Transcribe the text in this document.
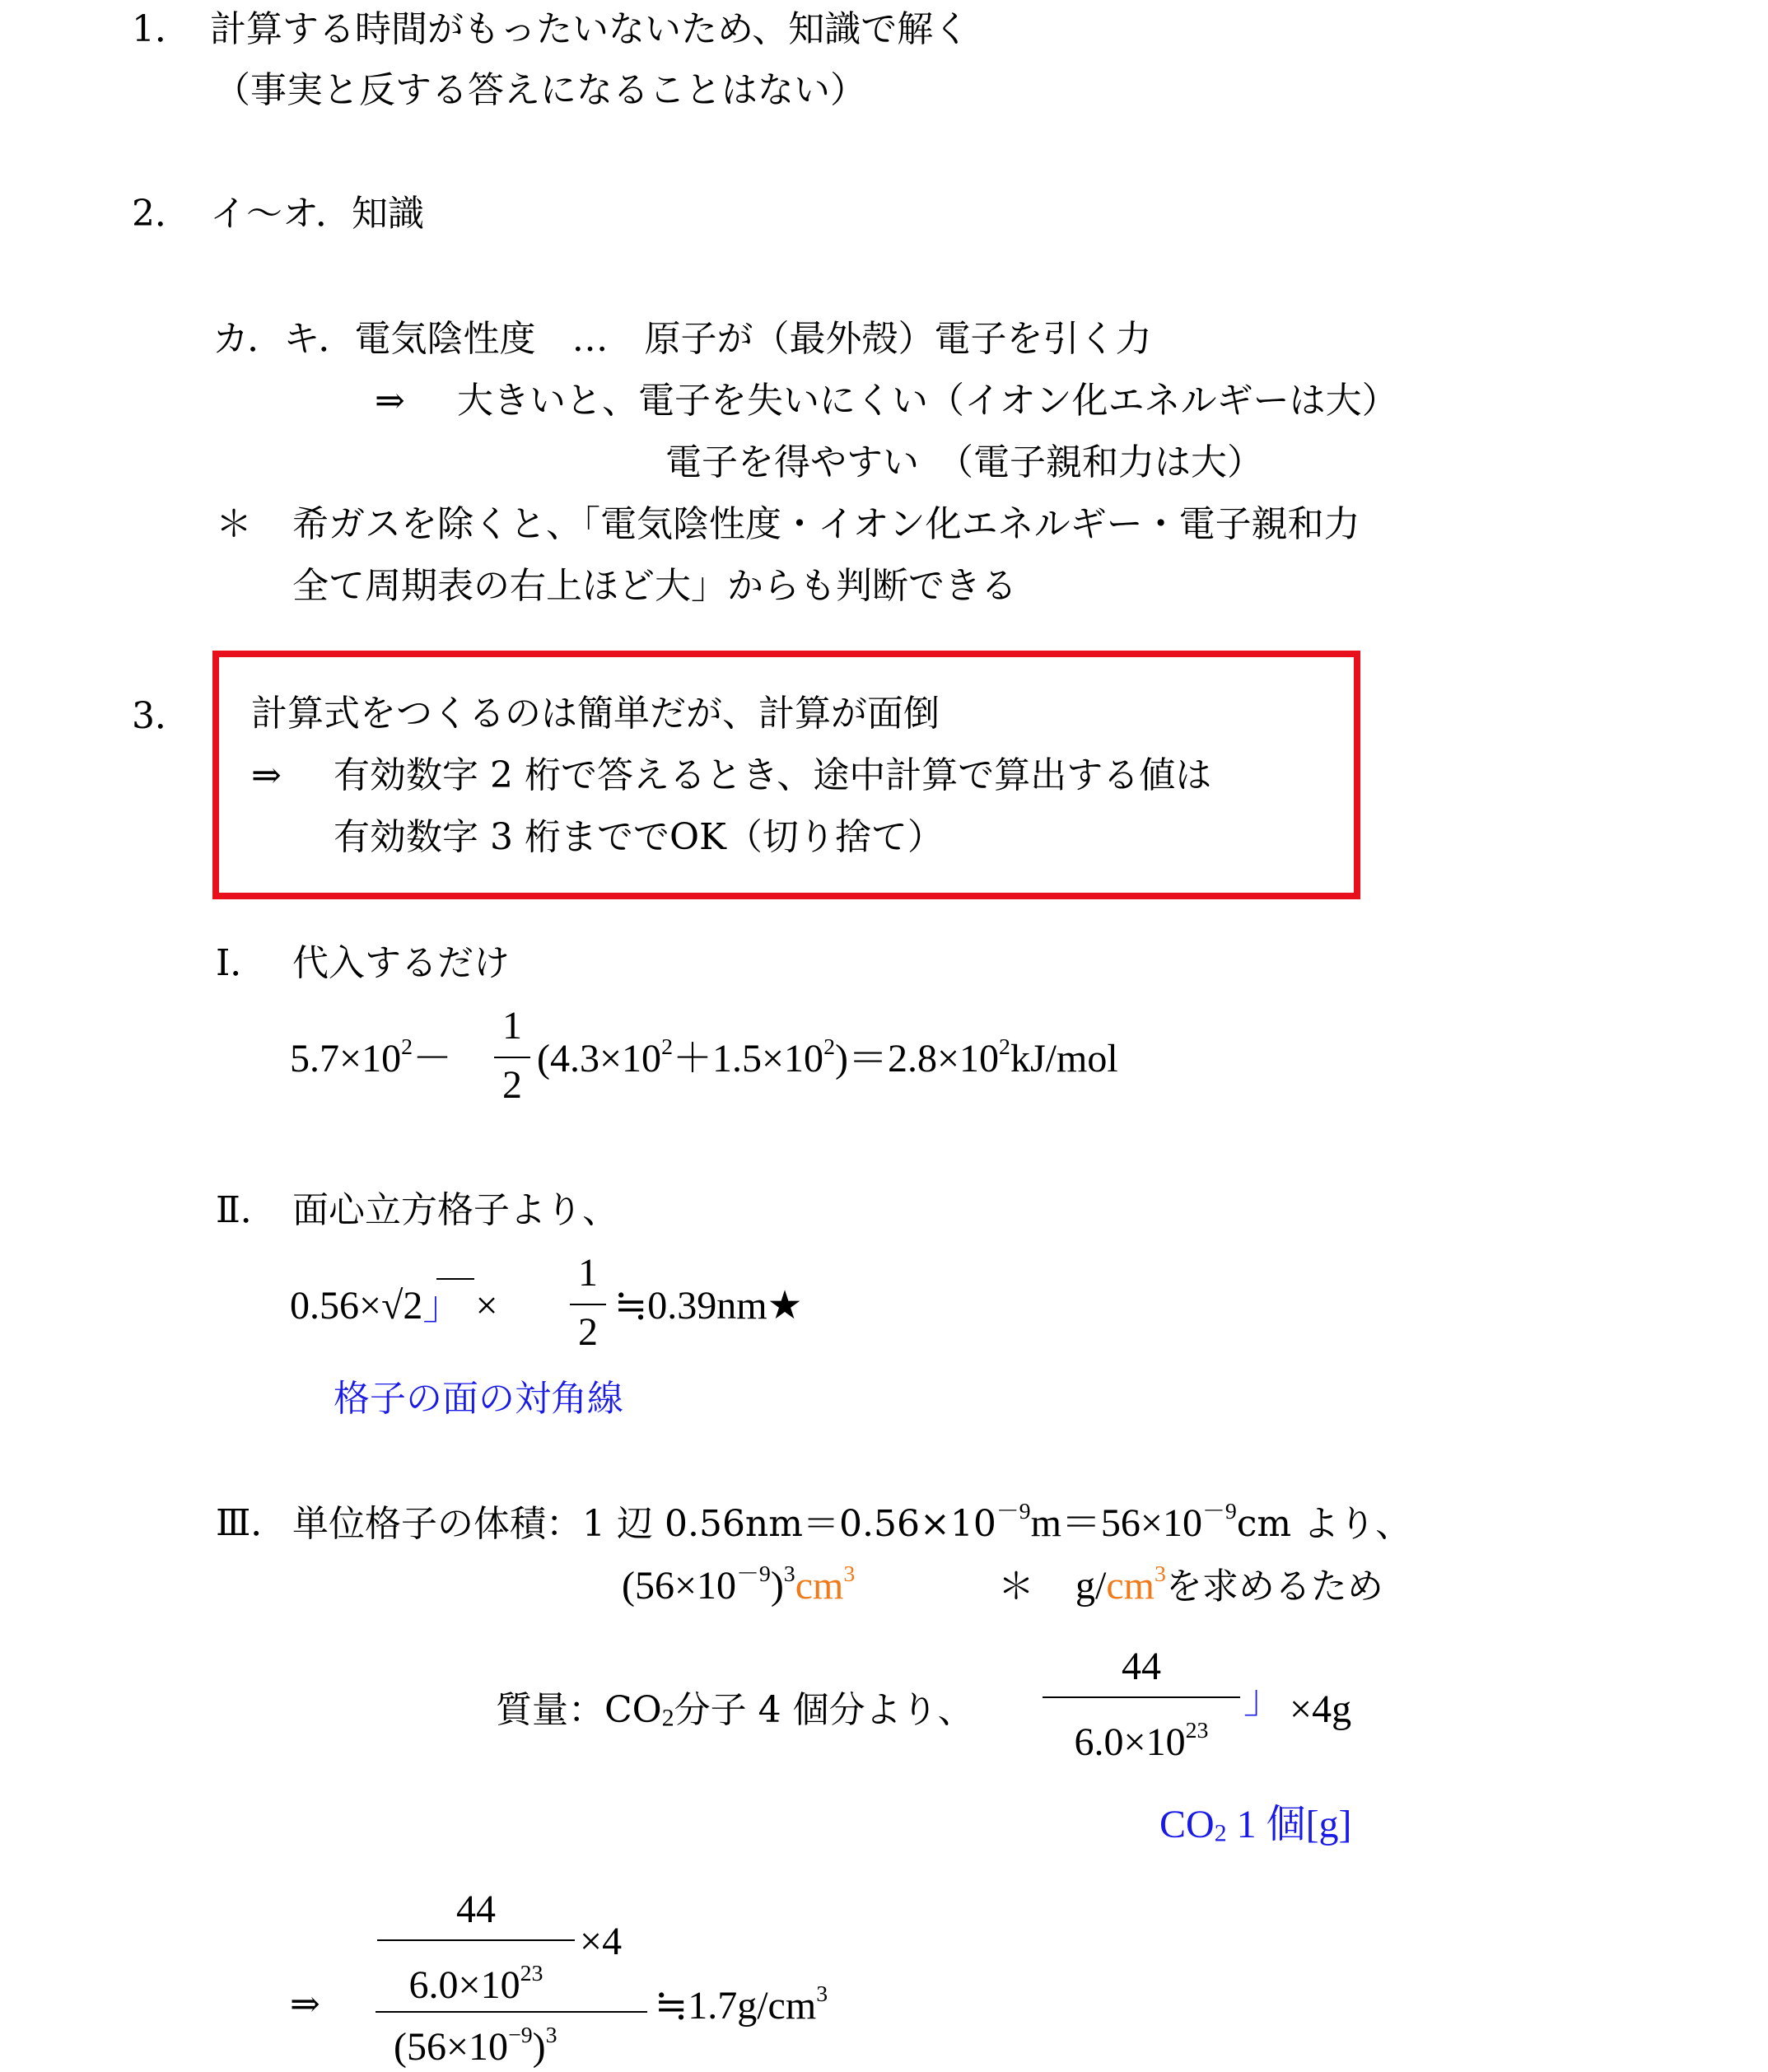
1． 計算する時間がもったいないため、知識で解く
（事実と反する答えになることはない）
2． イ〜オ．知識
カ．キ．電気陰性度　…　原子が（最外殻）電子を引く力
⇒ 大きいと、電子を失いにくい（イオン化エネルギーは大）
電子を得やすい　（電子親和力は大）
＊ 希ガスを除くと、「電気陰性度・イオン化エネルギー・電子親和力
全て周期表の右上ほど大」からも判断できる
3． 計算式をつくるのは簡単だが、計算が面倒
⇒ 有効数字 2 桁で答えるとき、途中計算で算出する値は
有効数字 3 桁まででOK（切り捨て）
Ⅰ． 代入するだけ
$5.7\times 10^2-$
1
2
$(4.3\times 10^2+1.5\times 10^2)=2.8\times 10^2kJ$/mol
Ⅱ． 面心立方格子より、
0.56×√2」 ×
1
2
≒0.39nm★
格子の面の対角線
Ⅲ． 単位格子の体積：1 辺 $0.56nm=0.56\times 10^{-9}m=56\times 10^{-9}cm$ より、
$(56\times 10^{-9})^3cm^3$	＊ $g/cm^3$を求めるため
質量：$CO_2$分子 4 個分より、
44
$6.0\times 10^{23}$
」 ×4g
$CO_2$ 1 個[g]
⇒
44
$6.0\times 10^{23}$
×4
$(56\times 10^{-9})^3$
$≒1.7g/cm^3$
